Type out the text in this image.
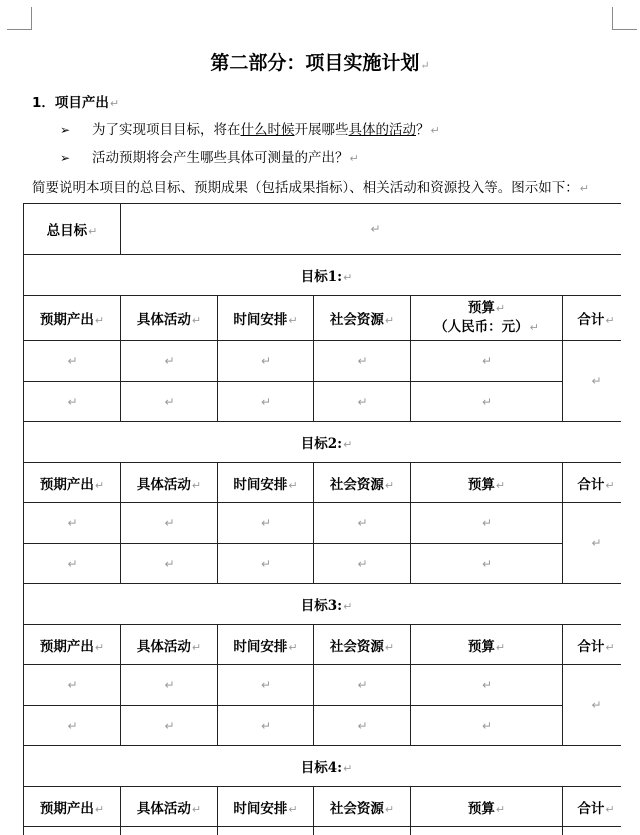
第二部分：项目实施计划↵
1．项目产出↵
➢ 为了实现项目目标，将在什么时候开展哪些具体的活动？↵
➢ 活动预期将会产生哪些具体可测量的产出？↵
简要说明本项目的总目标、预期成果（包括成果指标）、相关活动和资源投入等。图示如下：↵
总目标↵	↵				
目标1:↵					
预期产出↵	具体活动↵	时间安排↵	社会资源↵	预算↵
（人民币：元）↵	合计↵
↵	↵	↵	↵	↵	↵
↵	↵	↵	↵	↵	
目标2:↵					
预期产出↵	具体活动↵	时间安排↵	社会资源↵	预算↵	合计↵
↵	↵	↵	↵	↵	↵
↵	↵	↵	↵	↵	
目标3:↵					
预期产出↵	具体活动↵	时间安排↵	社会资源↵	预算↵	合计↵
↵	↵	↵	↵	↵	↵
↵	↵	↵	↵	↵	
目标4:↵					
预期产出↵	具体活动↵	时间安排↵	社会资源↵	预算↵	合计↵
